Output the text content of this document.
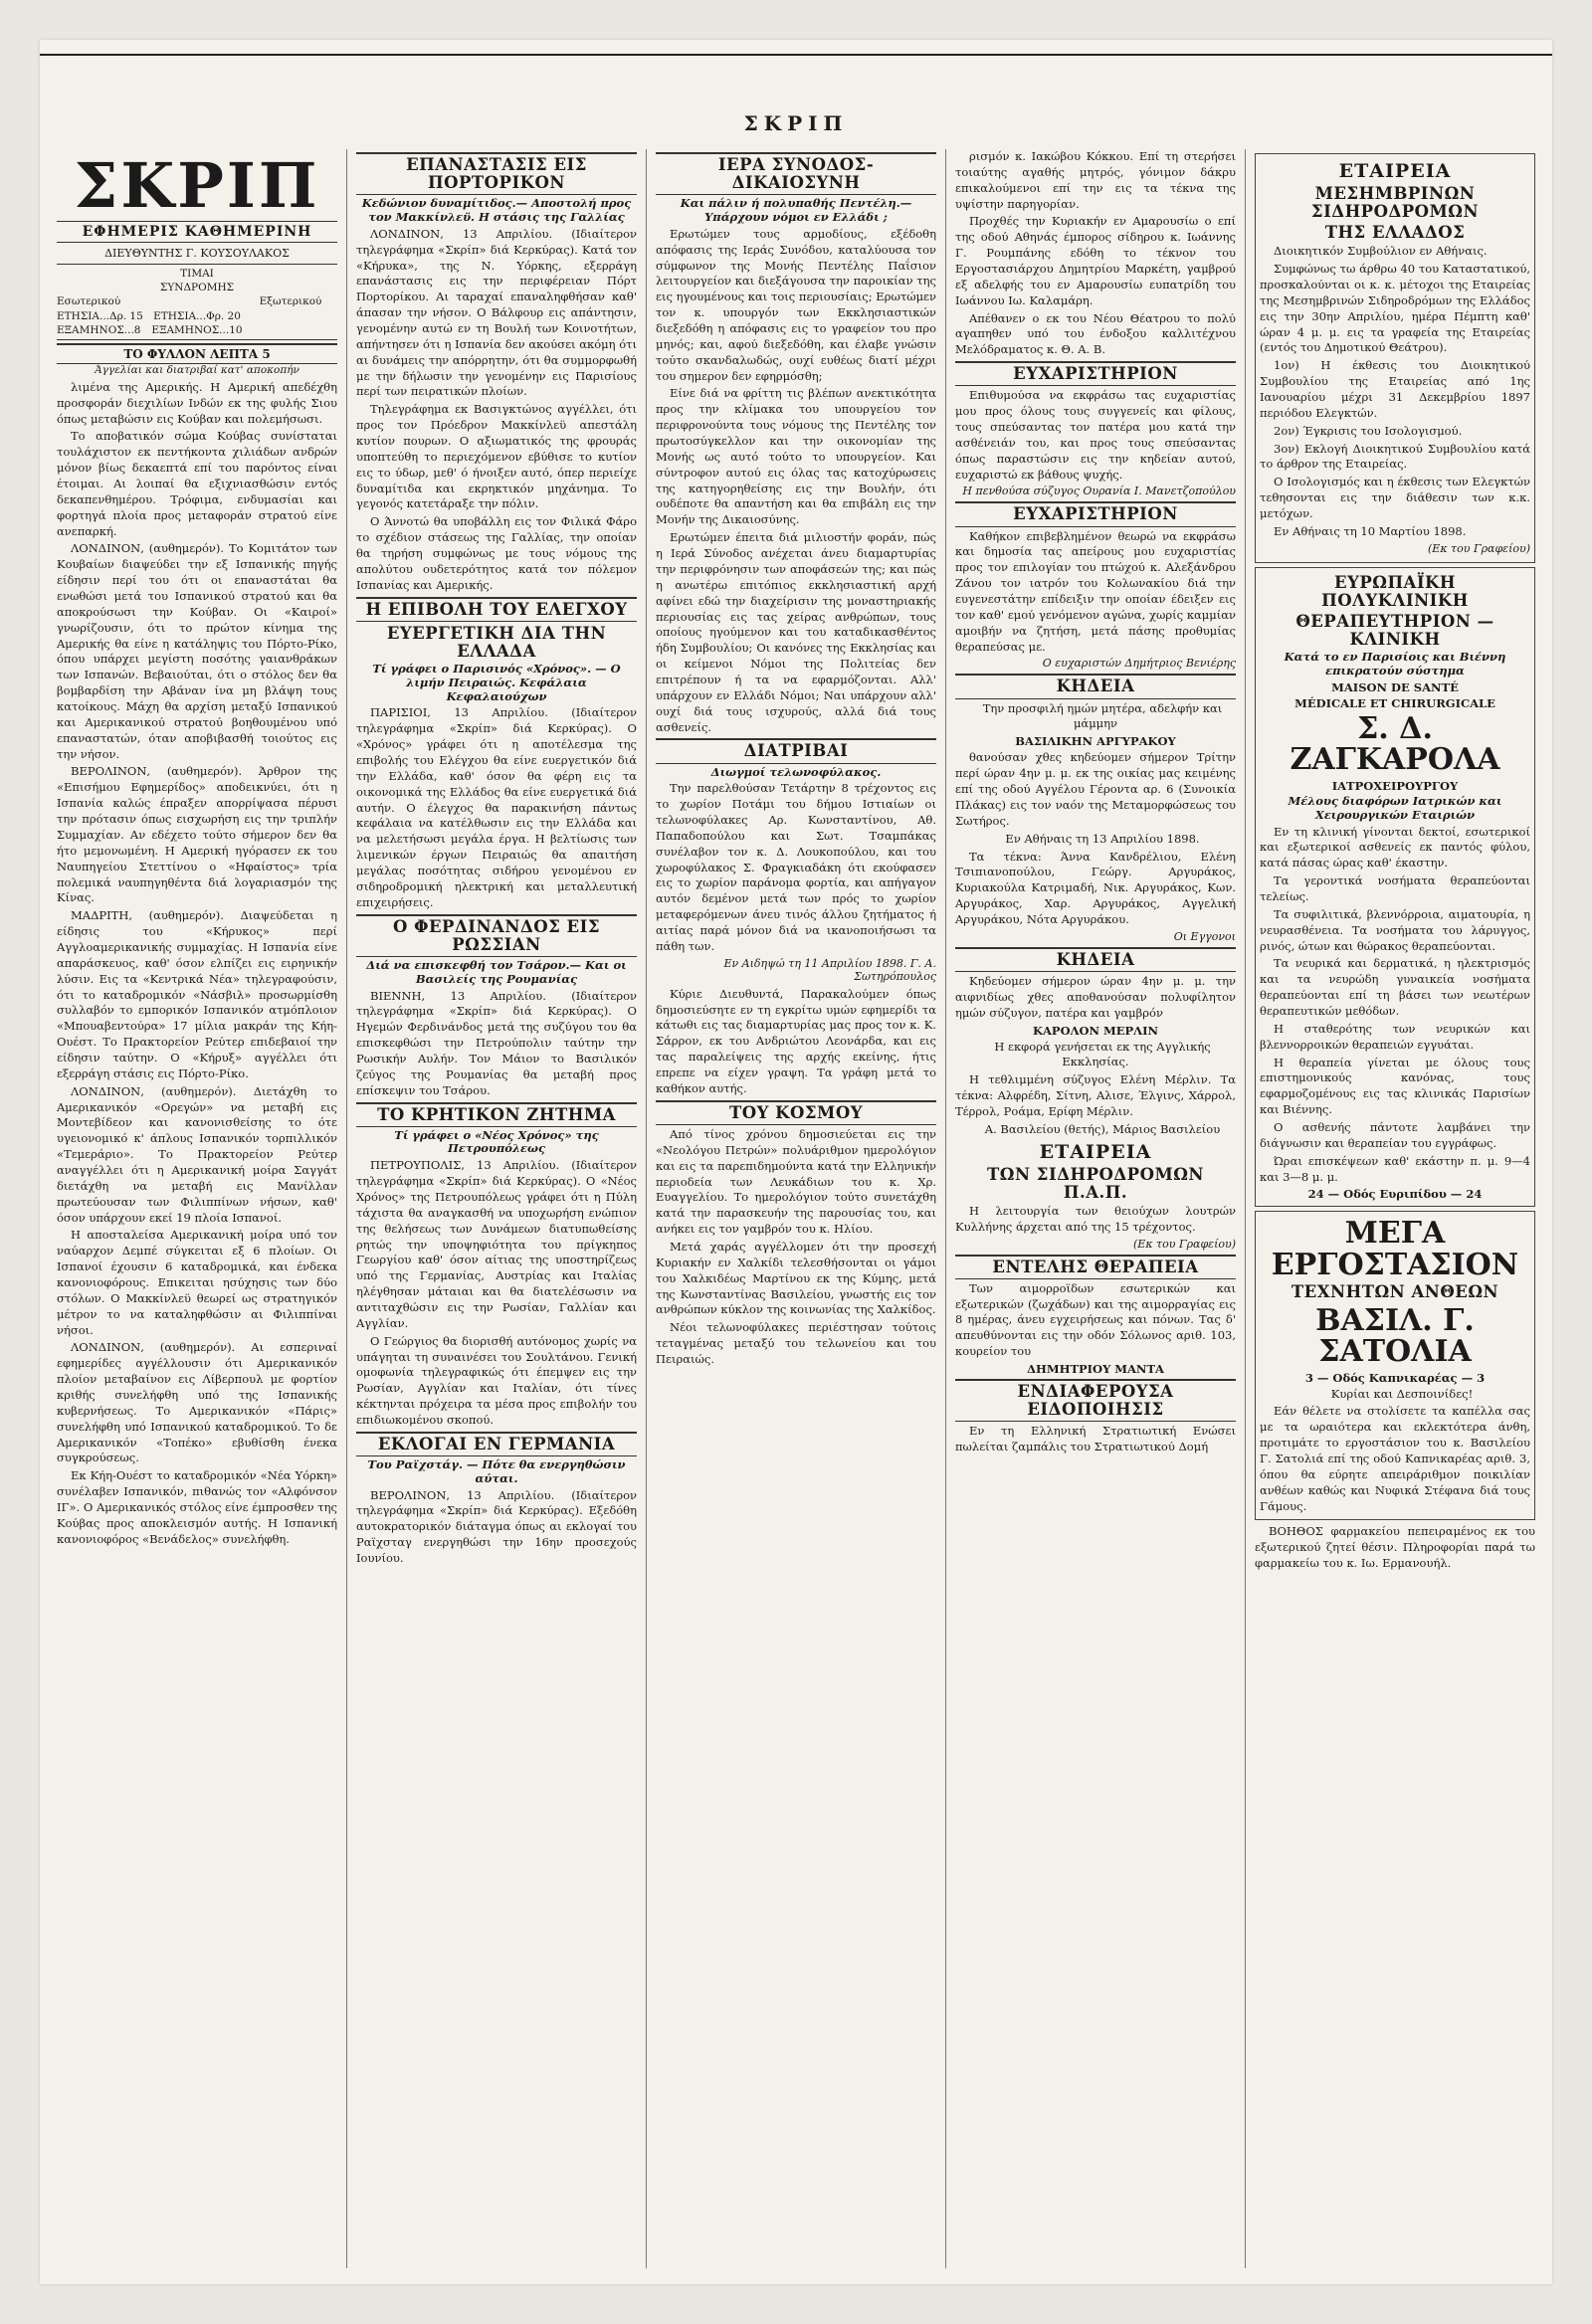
ΣΚΡΙΠ
ΣΚΡΙΠ
ΕΦΗΜΕΡΙΣ ΚΑΘΗΜΕΡΙΝΗ
ΔΙΕΥΘΥΝΤΗΣ Γ. ΚΟΥΣΟΥΛΑΚΟΣ
ΤΙΜΑΙ ΣΥΝΔΡΟΜΗΣ
Εσωτερικού	Εξωτερικού
ΕΤΗΣΙΑ...Δρ. 15 ΕΤΗΣΙΑ...Φρ. 20
ΕΞΑΜΗΝΟΣ...8	ΕΞΑΜΗΝΟΣ...10
ΤΟ ΦΥΛΛΟΝ ΛΕΠΤΑ 5
Άγγελίαι και διατριβαί κατ' αποκοπήν

λιμένα της Αμερικής. Η Αμερική απεδέχθη προσφοράν διεχιλίων Ινδών εκ της φυλής Σιου όπως μεταβώσιν εις Κούβαν και πολεμήσωσι.

Το αποβατικόν σώμα Κούβας συνίσταται τουλάχιστον εκ πεντήκοντα χιλιάδων ανδρών μόνον βίως δεκαεπτά επί του παρόντος είναι έτοιμαι. Αι λοιπαί θα εξιχνιασθώσιν εντός δεκαπενθημέρου. Τρόφιμα, ενδυμασίαι και φορτηγά πλοία προς μεταφοράν στρατού είνε ανεπαρκή.

ΛΟΝΔΙΝΟΝ, (αυθημερόν). Το Κομιτάτον των Κουβαίων διαψεύδει την εξ Ισπανικής πηγής είδησιν περί του ότι οι επαναστάται θα ενωθώσι μετά του Ισπανικού στρατού και θα αποκρούσωσι την Κούβαν. Οι «Καιροί» γνωρίζουσιν, ότι το πρώτον κίνημα της Αμερικής θα είνε η κατάληψις του Πόρτο-Ρίκο, όπου υπάρχει μεγίστη ποσότης γαιανθράκων των Ισπανών. Βεβαιούται, ότι ο στόλος δεν θα βομβαρδίση την Αβάναν ίνα μη βλάψη τους κατοίκους. Μάχη θα αρχίση μεταξύ Ισπανικού και Αμερικανικού στρατού βοηθουμένου υπό επαναστατών, όταν αποβιβασθή τοιούτος εις την νήσον.

ΒΕΡΟΛΙΝΟΝ, (αυθημερόν). Άρθρον της «Επισήμου Εφημερίδος» αποδεικνύει, ότι η Ισπανία καλώς έπραξεν απορρίψασα πέρυσι την πρότασιν όπως εισχωρήση εις την τριπλήν Συμμαχίαν. Αν εδέχετο τούτο σήμερον δεν θα ήτο μεμονωμένη. Η Αμερική ηγόρασεν εκ του Ναυπηγείου Στεττίνου ο «Ηφαίστος» τρία πολεμικά ναυπηγηθέντα διά λογαριασμόν της Κίνας.

ΜΑΔΡΙΤΗ, (αυθημερόν). Διαψεύδεται η είδησις του «Κήρυκος» περί Αγγλοαμερικανικής συμμαχίας. Η Ισπανία είνε απαράσκευος, καθ' όσον ελπίζει εις ειρηνικήν λύσιν. Εις τα «Κεντρικά Νέα» τηλεγραφούσιν, ότι το καταδρομικόν «Νάσβιλ» προσωρμίσθη συλλαβόν το εμπορικόν Ισπανικόν ατμόπλοιον «Μπουαβεντούρα» 17 μίλια μακράν της Κήη-Ουέστ. Το Πρακτορείον Ρεύτερ επιδεβαιοί την είδησιν ταύτην. Ο «Κήρυξ» αγγέλλει ότι εξερράγη στάσις εις Πόρτο-Ρίκο.

ΛΟΝΔΙΝΟΝ, (αυθημερόν). Διετάχθη το Αμερικανικόν «Ορεγών» να μεταβή εις Μοντεβίδεον και κανονισθείσης το ότε υγειονομικό κ' άπλους Ισπανικόν τορπιλλικόν «Τεμεράριο». Το Πρακτορείον Ρεύτερ αναγγέλλει ότι η Αμερικανική μοίρα Σαγγάτ διετάχθη να μεταβή εις Μανίλλαν πρωτεύουσαν των Φιλιππίνων νήσων, καθ' όσον υπάρχουν εκεί 19 πλοία Ισπανοί.

Η αποσταλείσα Αμερικανική μοίρα υπό τον ναύαρχον Δεμπέ σύγκειται εξ 6 πλοίων. Οι Ισπανοί έχουσιν 6 καταδρομικά, και ένδεκα κανονιοφόρους. Επικειται ησύχησις των δύο στόλων. Ο Μακκίνλεϋ θεωρεί ως στρατηγικόν μέτρον το να καταληφθώσιν αι Φιλιππίναι νήσοι.

ΛΟΝΔΙΝΟΝ, (αυθημερόν). Αι εσπεριναί εφημερίδες αγγέλλουσιν ότι Αμερικανικόν πλοίον μεταβαίνον εις Λίβερπουλ με φορτίον κριθής συνελήφθη υπό της Ισπανικής κυβερνήσεως. Το Αμερικανικόν «Πάρις» συνελήφθη υπό Ισπανικού καταδρομικού. Το δε Αμερικανικόν «Τοπέκο» εβυθίσθη ένεκα συγκρούσεως.

Εκ Κήη-Ουέστ το καταδρομικόν «Νέα Υόρκη» συνέλαβεν Ισπανικόν, πιθανώς τον «Αλφόνσον ΙΓ». Ο Αμερικανικός στόλος είνε έμπροσθεν της Κούβας προς αποκλεισμόν αυτής. Η Ισπανική κανονιοφόρος «Βενάδελος» συνελήφθη.

ΕΠΑΝΑΣΤΑΣΙΣ ΕΙΣ ΠΟΡΤΟΡΙΚΟΝ
Κεδώνιον δυναμίτιδος.— Αποστολή προς τον Μακκίνλεϋ. Η στάσις της Γαλλίας

ΛΟΝΔΙΝΟΝ, 13 Απριλίου. (Ιδιαίτερον τηλεγράφημα «Σκρίπ» διά Κερκύρας). Κατά τον «Κήρυκα», της Ν. Υόρκης, εξερράγη επανάστασις εις την περιφέρειαν Πόρτ Πορτορίκου. Αι ταραχαί επαναληφθήσαν καθ' άπασαν την νήσον. Ο Βάλφουρ εις απάντησιν, γενομένην αυτώ εν τη Βουλή των Κοινοτήτων, απήντησεν ότι η Ισπανία δεν ακούσει ακόμη ότι αι δυνάμεις την απόρρητην, ότι θα συμμορφωθή με την δήλωσιν την γενομένην εις Παρισίους περί των πειρατικών πλοίων.

Τηλεγράφημα εκ Βασιγκτώνος αγγέλλει, ότι προς τον Πρόεδρον Μακκίνλεϋ απεστάλη κυτίον πουρων. Ο αξιωματικός της φρουράς υποπτεύθη το περιεχόμενον εβύθισε το κυτίον εις το ύδωρ, μεθ' ό ήνοιξεν αυτό, όπερ περιείχε δυναμίτιδα και εκρηκτικόν μηχάνημα. Το γεγονός κατετάραξε την πόλιν.

Ο Άννοτώ θα υποβάλλη εις τον Φιλικά Φάρο το σχέδιον στάσεως της Γαλλίας, την οποίαν θα τηρήση συμφώνως με τους νόμους της απολύτου ουδετερότητος κατά τον πόλεμον Ισπανίας και Αμερικής.

Η ΕΠΙΒΟΛΗ ΤΟΥ ΕΛΕΓΧΟΥ
ΕΥΕΡΓΕΤΙΚΗ ΔΙΑ ΤΗΝ ΕΛΛΑΔΑ
Τί γράφει ο Παρισινός «Χρόνος». — Ο λιμήν Πειραιώς. Κεφάλαια Κεφαλαιούχων

ΠΑΡΙΣΙΟΙ, 13 Απριλίου. (Ιδιαίτερον τηλεγράφημα «Σκρίπ» διά Κερκύρας). Ο «Χρόνος» γράφει ότι η αποτέλεσμα της επιβολής του Ελέγχου θα είνε ευεργετικόν διά την Ελλάδα, καθ' όσον θα φέρη εις τα οικονομικά της Ελλάδος θα είνε ευεργετικά διά αυτήν. Ο έλεγχος θα παρακινήση πάντως κεφάλαια να κατέλθωσιν εις την Ελλάδα και να μελετήσωσι μεγάλα έργα. Η βελτίωσις των λιμενικών έργων Πειραιώς θα απαιτήση μεγάλας ποσότητας σιδήρου γενομένου εν σιδηροδρομική ηλεκτρική και μεταλλευτική επιχειρήσεις.

Ο ΦΕΡΔΙΝΑΝΔΟΣ ΕΙΣ ΡΩΣΣΙΑΝ
Διά να επισκεφθή τον Τσάρον.— Και οι Βασιλείς της Ρουμανίας

ΒΙΕΝΝΗ, 13 Απριλίου. (Ιδιαίτερον τηλεγράφημα «Σκρίπ» διά Κερκύρας). Ο Ηγεμών Φερδινάνδος μετά της συζύγου του θα επισκεφθώσι την Πετρούπολιν ταύτην την Ρωσικήν Αυλήν. Τον Μάιον το Βασιλικόν ζεύγος της Ρουμανίας θα μεταβή προς επίσκεψιν του Τσάρου.

ΤΟ ΚΡΗΤΙΚΟΝ ΖΗΤΗΜΑ
Τί γράφει ο «Νέος Χρόνος» της Πετρουπόλεως

ΠΕΤΡΟΥΠΟΛΙΣ, 13 Απριλίου. (Ιδιαίτερον τηλεγράφημα «Σκρίπ» διά Κερκύρας). Ο «Νέος Χρόνος» της Πετρουπόλεως γράφει ότι η Πύλη τάχιστα θα αναγκασθή να υποχωρήση ενώπιον της θελήσεως των Δυνάμεων διατυπωθείσης ρητώς την υποψηφιότητα του πρίγκηπος Γεωργίου καθ' όσον αίτιας της υποστηρίζεως υπό της Γερμανίας, Αυστρίας και Ιταλίας ηλέγθησαν μάταιαι και θα διατελέσωσιν να αντιταχθώσιν εις την Ρωσίαν, Γαλλίαν και Αγγλίαν.

Ο Γεώργιος θα διορισθή αυτόνομος χωρίς να υπάγηται τη συναινέσει του Σουλτάνου. Γενική ομοφωνία τηλεγραφικώς ότι έπεμψεν εις την Ρωσίαν, Αγγλίαν και Ιταλίαν, ότι τίνες κέκτηνται πρόχειρα τα μέσα προς επιβολήν του επιδιωκομένου σκοπού.

ΕΚΛΟΓΑΙ ΕΝ ΓΕΡΜΑΝΙΑ
Του Ραϊχστάγ. — Πότε θα ενεργηθώσιν αύται.

ΒΕΡΟΛΙΝΟΝ, 13 Απριλίου. (Ιδιαίτερον τηλεγράφημα «Σκρίπ» διά Κερκύρας). Εξεδόθη αυτοκρατορικόν διάταγμα όπως αι εκλογαί του Ραϊχσταγ ενεργηθώσι την 16ην προσεχούς Ιουνίου.

ΙΕΡΑ ΣΥΝΟΔΟΣ-ΔΙΚΑΙΟΣΥΝΗ
Και πάλιν ή πολυπαθής Πεντέλη.— Υπάρχουν νόμοι εν Ελλάδι ;

Ερωτώμεν τους αρμοδίους, εξέδοθη απόφασις της Ιεράς Συνόδου, καταλύουσα τον σύμφωνον της Μονής Πεντέλης Παΐσιον λειτουργείον και διεξάγουσα την παροικίαν της εις ηγουμένους και τοις περιουσίαις; Ερωτώμεν τον κ. υπουργόν των Εκκλησιαστικών διεξεδόθη η απόφασις εις το γραφείον του προ μηνός; και, αφού διεξεδόθη, και έλαβε γνώσιν τούτο σκανδαλωδώς, ουχί ευθέως διατί μέχρι του σημερον δεν εφηρμόσθη;

Είνε διά να φρίττη τις βλέπων ανεκτικότητα προς την κλίμακα του υπουργείου τον περιφρονούντα τους νόμους της Πεντέλης τον πρωτοσύγκελλον και την οικονομίαν της Μονής ως αυτό τούτο το υπουργείον. Και σύντροφον αυτού εις όλας τας κατοχύρωσεις της κατηγορηθείσης εις την Βουλήν, ότι ουδέποτε θα απαντήση και θα επιβάλη εις την Μονήν της Δικαιοσύνης.

Ερωτώμεν έπειτα διά μιλιοστήν φοράν, πώς η Ιερά Σύνοδος ανέχεται άνευ διαμαρτυρίας την περιφρόνησιν των αποφάσεών της; και πώς η ανωτέρω επιτόπιος εκκλησιαστική αρχή αφίνει εδώ την διαχείρισιν της μοναστηριακής περιουσίας εις τας χείρας ανθρώπων, τους οποίους ηγούμενον και του καταδικασθέντος ήδη Συμβουλίου; Οι κανόνες της Εκκλησίας και οι κείμενοι Νόμοι της Πολιτείας δεν επιτρέπουν ή τα να εφαρμόζονται. Αλλ' υπάρχουν εν Ελλάδι Νόμοι; Ναι υπάρχουν αλλ' ουχί διά τους ισχυρούς, αλλά διά τους ασθενείς.

ΔΙΑΤΡΙΒΑΙ
Διωγμοί τελωνοφύλακος.

Την παρελθούσαν Τετάρτην 8 τρέχοντος εις το χωρίον Ποτάμι του δήμου Ιστιαίων οι τελωνοφύλακες Αρ. Κωνσταντίνου, Αθ. Παπαδοπούλου και Σωτ. Τσαμπάκας συνέλαβον τον κ. Δ. Λουκοπούλου, και του χωροφύλακος Σ. Φραγκιαδάκη ότι εκούφασεν εις το χωρίον παράνομα φορτία, και απήγαγον αυτόν δεμένον μετά των πρός το χωρίον μεταφερόμενων άνευ τινός άλλου ζητήματος ή αιτίας παρά μόνον διά να ικανοποιήσωσι τα πάθη των.

Εν Αιδηψώ τη 11 Απριλίου 1898. Γ. Α. Σωτηρόπουλος

Κύριε Διευθυντά, Παρακαλούμεν όπως δημοσιεύσητε εν τη εγκρίτω υμών εφημερίδι τα κάτωθι εις τας διαμαρτυρίας μας προς τον κ. Κ. Σάρρον, εκ του Ανδριώτου Λεονάρδα, και εις τας παραλείψεις της αρχής εκείνης, ήτις επρεπε να είχεν γραψη. Τα γράφη μετά το καθήκον αυτής.

ΤΟΥ ΚΟΣΜΟΥ

Από τίνος χρόνου δημοσιεύεται εις την «Νεολόγου Πετρών» πολυάριθμον ημερολόγιον και εις τα παρεπιδημούντα κατά την Ελληνικήν περιοδεία των Λευκάδιων του κ. Χρ. Ευαγγελίου. Το ημερολόγιον τούτο συνετάχθη κατά την παρασκευήν της παρουσίας του, και ανήκει εις τον γαμβρόν του κ. Ηλίου.

Μετά χαράς αγγέλλομεν ότι την προσεχή Κυριακήν εν Χαλκίδι τελεσθήσονται οι γάμοι του Χαλκιδέως Μαρτίνου εκ της Κύμης, μετά της Κωνσταντίνας Βασιλείου, γνωστής εις τον ανθρώπων κύκλον της κοινωνίας της Χαλκίδος.

Νέοι τελωνοφύλακες περιέστησαν τούτοις τεταγμένας μεταξύ του τελωνείου και του Πειραιώς.

ρισμόν κ. Ιακώβου Κόκκου. Επί τη στερήσει τοιαύτης αγαθής μητρός, γόνιμον δάκρυ επικαλούμενοι επί την εις τα τέκνα της υψίστην παρηγορίαν.

Προχθές την Κυριακήν εν Αμαρουσίω ο επί της οδού Αθηνάς έμπορος σίδηρου κ. Ιωάννης Γ. Ρουμπάνης εδόθη το τέκνον του Εργοστασιάρχου Δημητρίου Μαρκέτη, γαμβρού εξ αδελφής του εν Αμαρουσίω ευπατρίδη του Ιωάννου Ιω. Καλαμάρη.

Απέθανεν ο εκ του Νέου Θέατρου το πολύ αγαπηθεν υπό του ένδοξου καλλιτέχνου Μελόδραματος κ. Θ. Α. Β.

ΕΥΧΑΡΙΣΤΗΡΙΟΝ

Επιθυμούσα να εκφράσω τας ευχαριστίας μου προς όλους τους συγγενείς και φίλους, τους σπεύσαντας τον πατέρα μου κατά την ασθένειάν του, και προς τους σπεύσαντας όπως παραστώσιν εις την κηδείαν αυτού, ευχαριστώ εκ βάθους ψυχής.

Η πενθούσα σύζυγος Ουρανία Ι. Μανετζοπούλου
ΕΥΧΑΡΙΣΤΗΡΙΟΝ

Καθήκον επιβεβλημένον θεωρώ να εκφράσω και δημοσία τας απείρους μου ευχαριστίας προς τον επιλογίαν του πτώχού κ. Αλεξάνδρου Ζάνου τον ιατρόν του Κολωνακίου διά την ευγενεστάτην επίδειξιν την οποίαν έδειξεν εις τον καθ' εμού γενόμενον αγώνα, χωρίς καμμίαν αμοιβήν να ζητήση, μετά πάσης προθυμίας θεραπεύσας με.

Ο ευχαριστών Δημήτριος Βενιέρης
ΚΗΔΕΙΑ

Την προσφιλή ημών μητέρα, αδελφήν και μάμμην

ΒΑΣΙΛΙΚΗΝ ΑΡΓΥΡΑΚΟΥ

θανούσαν χθες κηδεύομεν σήμερον Τρίτην περί ώραν 4ην μ. μ. εκ της οικίας μας κειμένης επί της οδού Αγγέλου Γέροντα αρ. 6 (Συνοικία Πλάκας) εις τον ναόν της Μεταμορφώσεως του Σωτήρος.

Εν Αθήναις τη 13 Απριλίου 1898.

Τα τέκνα: Άννα Κανδρέλιου, Ελένη Τσιπιανοπούλου, Γεώργ. Αργυράκος, Κυριακούλα Κατριμαδή, Νικ. Αργυράκος, Κων. Αργυράκος, Χαρ. Αργυράκος, Αγγελική Αργυράκου, Νότα Αργυράκου.

Οι Εγγονοι
ΚΗΔΕΙΑ

Κηδεύομεν σήμερον ώραν 4ην μ. μ. την αιφνιδίως χθες αποθανούσαν πολυφίλητον ημών σύζυγον, πατέρα και γαμβρόν

ΚΑΡΟΛΟΝ ΜΕΡΛΙΝ

Η εκφορά γενήσεται εκ της Αγγλικής Εκκλησίας.

Η τεθλιμμένη σύζυγος Ελένη Μέρλιν. Τα τέκνα: Αλφρέδη, Σίτνη, Αλισε, Έλγινς, Χάρρολ, Τέρρολ, Ροάμα, Ερίφη Μέρλιν.

Α. Βασιλείου (θετής), Μάριος Βασιλείου

ΕΤΑΙΡΕΙΑ
ΤΩΝ ΣΙΔΗΡΟΔΡΟΜΩΝ Π.Α.Π.

Η λειτουργία των θειούχων λουτρών Κυλλήνης άρχεται από της 15 τρέχοντος.

(Εκ του Γραφείου)
ΕΝΤΕΛΗΣ ΘΕΡΑΠΕΙΑ

Των αιμορροϊδων εσωτερικών και εξωτερικών (ζωχάδων) και της αιμορραγίας εις 8 ημέρας, άνευ εγχειρήσεως και πόνων. Τας δ' απευθύνονται εις την οδόν Σόλωνος αριθ. 103, κουρείον του

ΔΗΜΗΤΡΙΟΥ ΜΑΝΤΑ
ΕΝΔΙΑΦΕΡΟΥΣΑ ΕΙΔΟΠΟΙΗΣΙΣ

Εν τη Ελληνική Στρατιωτική Ενώσει πωλείται ζαμπάλις του Στρατιωτικού Δομή

ΕΤΑΙΡΕΙΑ
ΜΕΣΗΜΒΡΙΝΩΝ ΣΙΔΗΡΟΔΡΟΜΩΝ
ΤΗΣ ΕΛΛΑΔΟΣ

Διοικητικόν Συμβούλιον εν Αθήναις.

Συμφώνως τω άρθρω 40 του Καταστατικού, προσκαλούνται οι κ. κ. μέτοχοι της Εταιρείας της Μεσημβρινών Σιδηροδρόμων της Ελλάδος εις την 30ην Απριλίου, ημέρα Πέμπτη καθ' ώραν 4 μ. μ. εις τα γραφεία της Εταιρείας (εντός του Δημοτικού Θεάτρου).

1ον) Η έκθεσις του Διοικητικού Συμβουλίου της Εταιρείας από 1ης Ιανουαρίου μέχρι 31 Δεκεμβρίου 1897 περιόδου Ελεγκτών.

2ον) Έγκρισις του Ισολογισμού.

3ον) Εκλογή Διοικητικού Συμβουλίου κατά το άρθρον της Εταιρείας.

Ο Ισολογισμός και η έκθεσις των Ελεγκτών τεθησονται εις την διάθεσιν των κ.κ. μετόχων.

Εν Αθήναις τη 10 Μαρτίου 1898.

(Εκ του Γραφείου)
ΕΥΡΩΠΑΪΚΗ ΠΟΛΥΚΛΙΝΙΚΗ
ΘΕΡΑΠΕΥΤΗΡΙΟΝ — ΚΛΙΝΙΚΗ
Κατά το εν Παρισίοις και Βιέννη επικρατούν σύστημα
MAISON DE SANTÉ
MÉDICALE ET CHIRURGICALE
Σ. Δ. ΖΑΓΚΑΡΟΛΑ
ΙΑΤΡΟΧΕΙΡΟΥΡΓΟΥ
Μέλους διαφόρων Ιατρικών και Χειρουργικών Εταιριών

Εν τη κλινική γίνονται δεκτοί, εσωτερικοί και εξωτερικοί ασθενείς εκ παντός φύλου, κατά πάσας ώρας καθ' έκαστην.

Τα γεροντικά νοσήματα θεραπεύονται τελείως.

Τα συφιλιτικά, βλεννόρροια, αιματουρία, η νευρασθένεια. Τα νοσήματα του λάρυγγος, ρινός, ώτων και θώρακος θεραπεύονται.

Τα νευρικά και δερματικά, η ηλεκτρισμός και τα νευρώδη γυναικεία νοσήματα θεραπεύονται επί τη βάσει των νεωτέρων θεραπευτικών μεθόδων.

Η σταθερότης των νευρικών και βλεννορροικών θεραπειών εγγυάται.

Η θεραπεία γίνεται με όλους τους επιστημονικούς κανόνας, τους εφαρμοζομένους εις τας κλινικάς Παρισίων και Βιέννης.

Ο ασθενής πάντοτε λαμβάνει την διάγνωσιν και θεραπείαν του εγγράφως.

Ώραι επισκέψεων καθ' εκάστην π. μ. 9—4 και 3—8 μ. μ.

24 — Οδός Ευριπίδου — 24
ΜΕΓΑ ΕΡΓΟΣΤΑΣΙΟΝ
ΤΕΧΝΗΤΩΝ ΑΝΘΕΩΝ
ΒΑΣΙΛ. Γ. ΣΑΤΟΛΙΑ
3 — Οδός Καπνικαρέας — 3

Κυρίαι και Δεσποινίδες!

Εάν θέλετε να στολίσετε τα καπέλλα σας με τα ωραιότερα και εκλεκτότερα άνθη, προτιμάτε το εργοστάσιον του κ. Βασιλείου Γ. Σατολιά επί της οδού Καπνικαρέας αριθ. 3, όπου θα εύρητε απειράριθμον ποικιλίαν ανθέων καθώς και Νυφικά Στέφανα διά τους Γάμους.

ΒΟΗΘΟΣ φαρμακείου πεπειραμένος εκ του εξωτερικού ζητεί θέσιν. Πληροφορίαι παρά τω φαρμακείω του κ. Ιω. Ερμανουήλ.
